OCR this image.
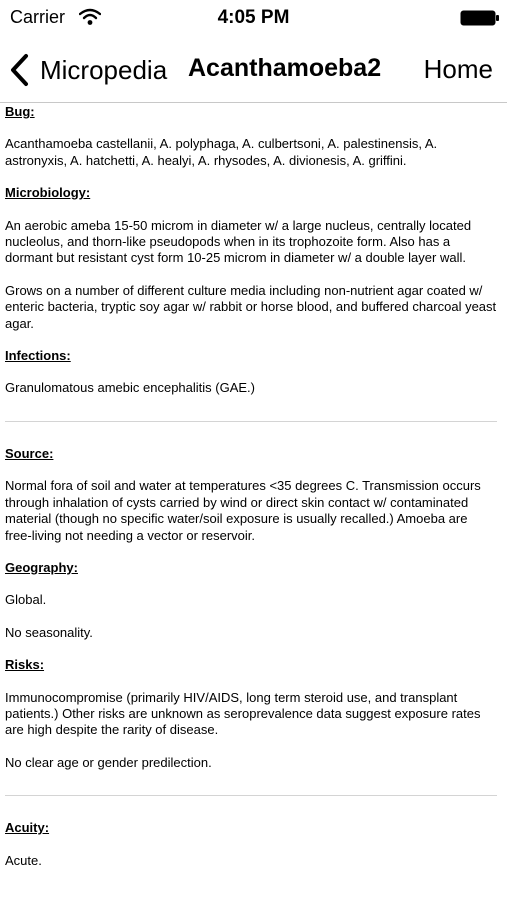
Carrier	4:05 PM
Micropedia Acanthamoeba2 Home

Bug:

Acanthamoeba castellanii, A. polyphaga, A. culbertsoni, A. palestinensis, A. astronyxis, A. hatchetti, A. healyi, A. rhysodes, A. divionesis, A. griffini.

Microbiology:

An aerobic ameba 15-50 microm in diameter w/ a large nucleus, centrally located nucleolus, and thorn-like pseudopods when in its trophozoite form. Also has a dormant but resistant cyst form 10-25 microm in diameter w/ a double layer wall.

Grows on a number of different culture media including non-nutrient agar coated w/ enteric bacteria, tryptic soy agar w/ rabbit or horse blood, and buffered charcoal yeast agar.

Infections:

Granulomatous amebic encephalitis (GAE.)

Source:

Normal fora of soil and water at temperatures <35 degrees C. Transmission occurs through inhalation of cysts carried by wind or direct skin contact w/ contaminated material (though no specific water/soil exposure is usually recalled.) Amoeba are free-living not needing a vector or reservoir.

Geography:

Global.

No seasonality.

Risks:

Immunocompromise (primarily HIV/AIDS, long term steroid use, and transplant patients.) Other risks are unknown as seroprevalence data suggest exposure rates are high despite the rarity of disease.

No clear age or gender predilection.

Acuity:

Acute.
